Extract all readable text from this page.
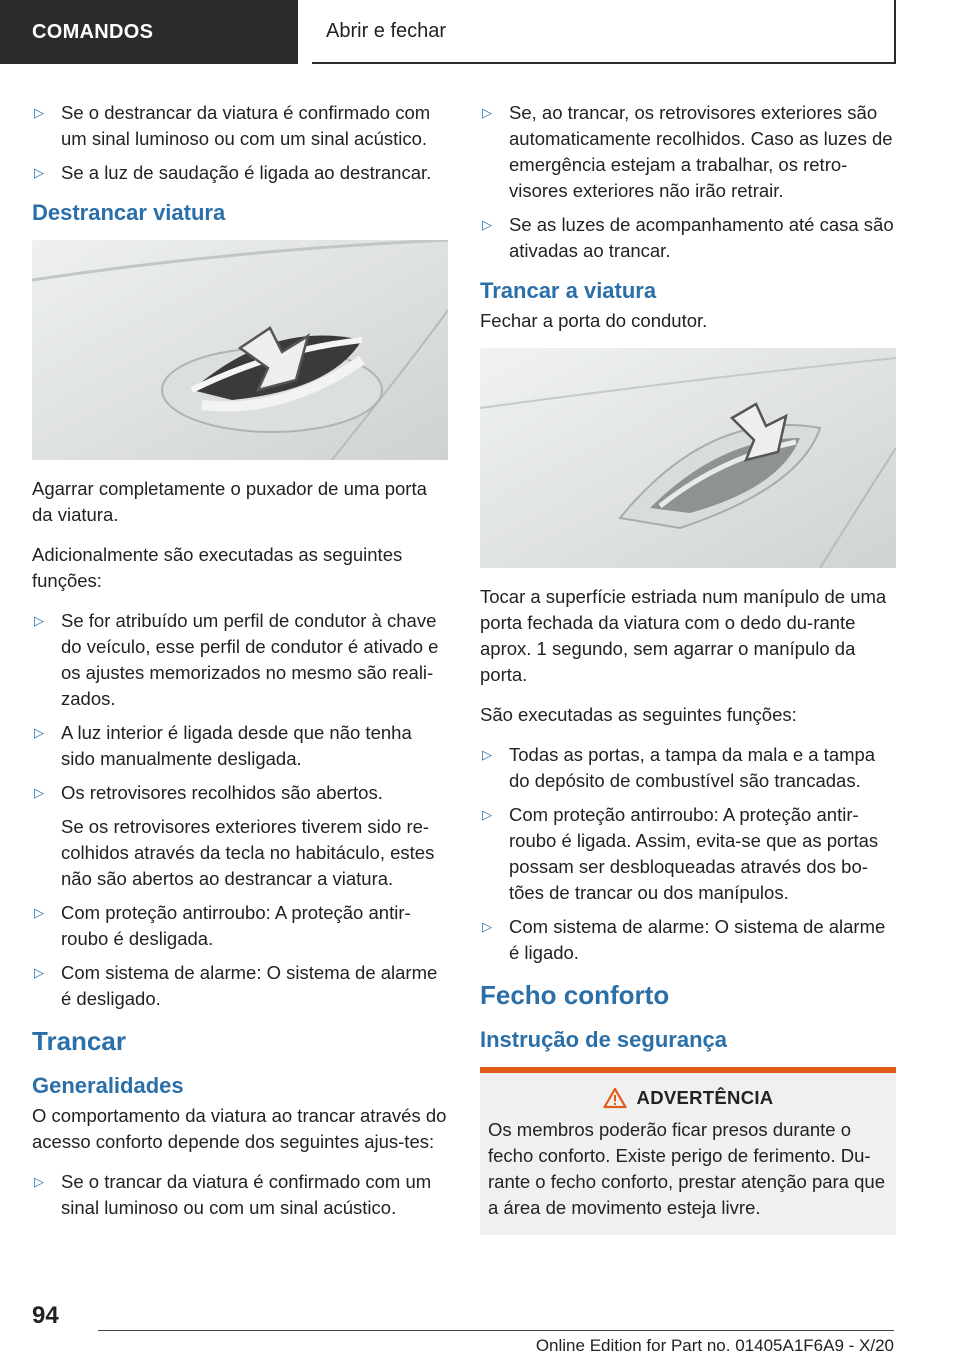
COMANDOS	Abrir e fechar
▷ Se o destrancar da viatura é confirmado com um sinal luminoso ou com um sinal acústico.
▷ Se a luz de saudação é ligada ao destrancar.
Destrancar viatura

Agarrar completamente o puxador de uma porta da viatura.

Adicionalmente são executadas as seguintes funções:

▷ Se for atribuído um perfil de condutor à chave do veículo, esse perfil de condutor é ativado e os ajustes memorizados no mesmo são reali-zados.
▷ A luz interior é ligada desde que não tenha sido manualmente desligada.
▷ Os retrovisores recolhidos são abertos.
Se os retrovisores exteriores tiverem sido re-colhidos através da tecla no habitáculo, estes não são abertos ao destrancar a viatura.
▷ Com proteção antirroubo: A proteção antir-roubo é desligada.
▷ Com sistema de alarme: O sistema de alarme é desligado.
Trancar
Generalidades

O comportamento da viatura ao trancar através do acesso conforto depende dos seguintes ajus-tes:

▷ Se o trancar da viatura é confirmado com um sinal luminoso ou com um sinal acústico.
▷ Se, ao trancar, os retrovisores exteriores são automaticamente recolhidos. Caso as luzes de emergência estejam a trabalhar, os retro-visores exteriores não irão retrair.
▷ Se as luzes de acompanhamento até casa são ativadas ao trancar.
Trancar a viatura

Fechar a porta do condutor.

Tocar a superfície estriada num manípulo de uma porta fechada da viatura com o dedo du-rante aprox. 1 segundo, sem agarrar o manípulo da porta.

São executadas as seguintes funções:

▷ Todas as portas, a tampa da mala e a tampa do depósito de combustível são trancadas.
▷ Com proteção antirroubo: A proteção antir-roubo é ligada. Assim, evita-se que as portas possam ser desbloqueadas através dos bo-tões de trancar ou dos manípulos.
▷ Com sistema de alarme: O sistema de alarme é ligado.
Fecho conforto
Instrução de segurança
ADVERTÊNCIA

Os membros poderão ficar presos durante o fecho conforto. Existe perigo de ferimento. Du-rante o fecho conforto, prestar atenção para que a área de movimento esteja livre.

94
Online Edition for Part no. 01405A1F6A9 - X/20
